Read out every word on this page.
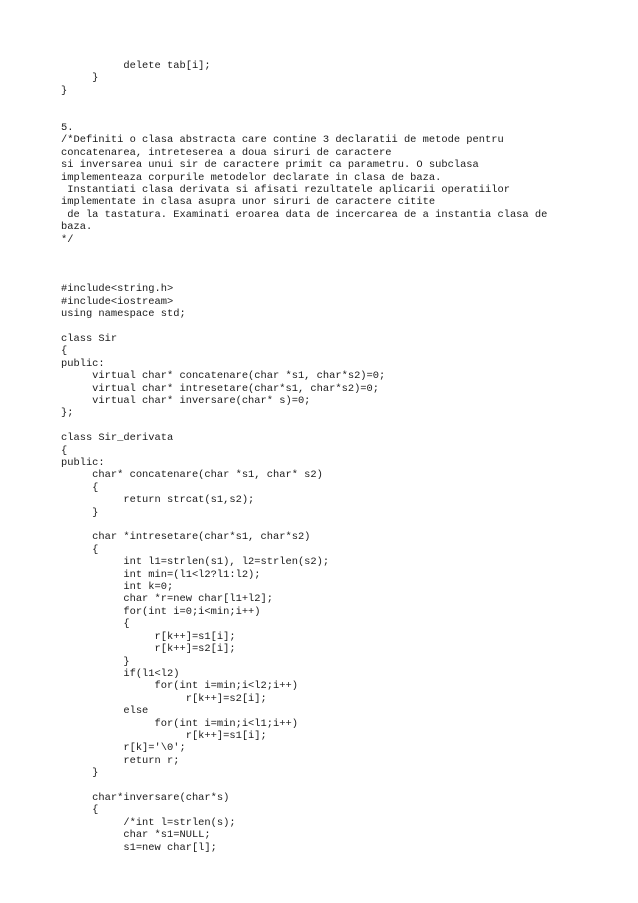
delete tab[i];
}
}
5.
/*Definiti o clasa abstracta care contine 3 declaratii de metode pentru
concatenarea, intreteserea a doua siruri de caractere
si inversarea unui sir de caractere primit ca parametru. O subclasa
implementeaza corpurile metodelor declarate in clasa de baza.
Instantiati clasa derivata si afisati rezultatele aplicarii operatiilor
implementate in clasa asupra unor siruri de caractere citite
de la tastatura. Examinati eroarea data de incercarea de a instantia clasa de
baza.
*/
#include<string.h>
#include<iostream>
using namespace std;
class Sir
{
public:
virtual char* concatenare(char *s1, char*s2)=0;
virtual char* intresetare(char*s1, char*s2)=0;
virtual char* inversare(char* s)=0;
};
class Sir_derivata
{
public:
char* concatenare(char *s1, char* s2)
{
return strcat(s1,s2);
}
char *intresetare(char*s1, char*s2)
{
int l1=strlen(s1), l2=strlen(s2);
int min=(l1<l2?l1:l2);
int k=0;
char *r=new char[l1+l2];
for(int i=0;i<min;i++)
{
r[k++]=s1[i];
r[k++]=s2[i];
}
if(l1<l2)
for(int i=min;i<l2;i++)
r[k++]=s2[i];
else
for(int i=min;i<l1;i++)
r[k++]=s1[i];
r[k]='\0';
return r;
}
char*inversare(char*s)
{
/*int l=strlen(s);
char *s1=NULL;
s1=new char[l];
